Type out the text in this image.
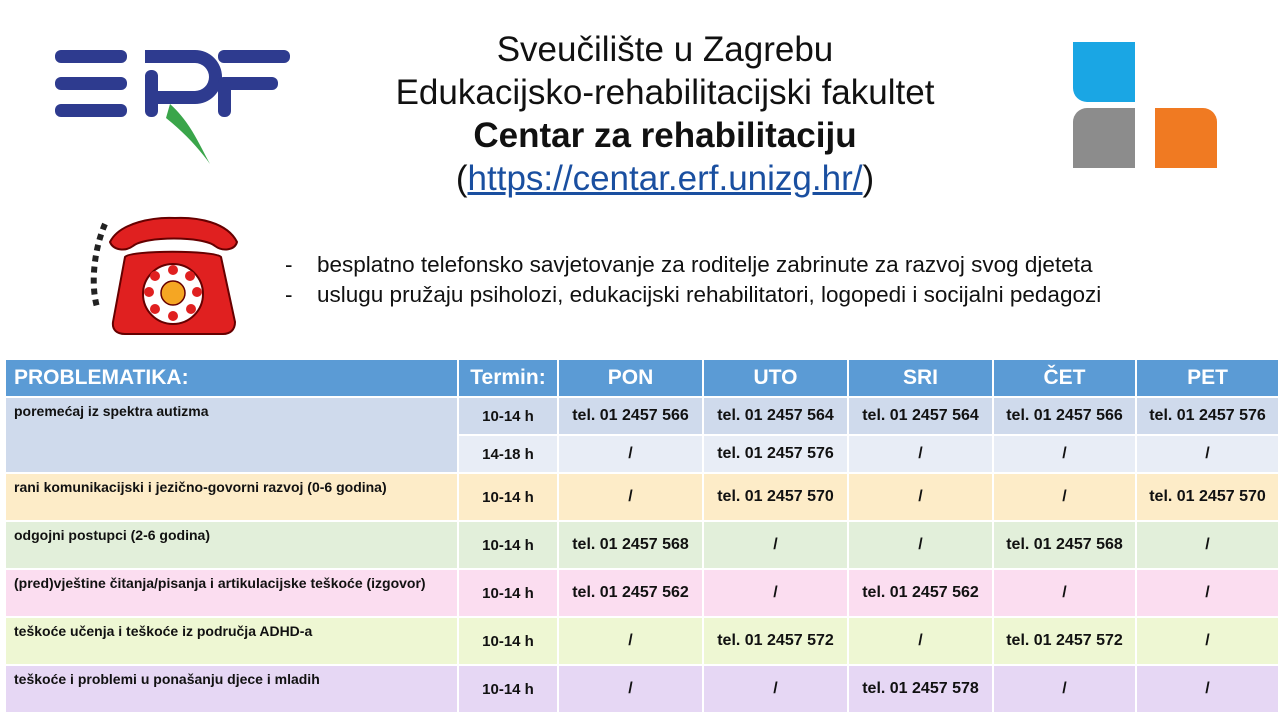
Sveučilište u Zagrebu
Edukacijsko-rehabilitacijski fakultet
Centar za rehabilitaciju
(https://centar.erf.unizg.hr/)
- besplatno telefonsko savjetovanje za roditelje zabrinute za razvoj svog djeteta
- uslugu pružaju psiholozi, edukacijski rehabilitatori, logopedi i socijalni pedagozi
PROBLEMATIKA:	Termin:	PON	UTO	SRI	ČET	PET
poremećaj iz spektra autizma	10-14 h	tel. 01 2457 566	tel. 01 2457 564	tel. 01 2457 564	tel. 01 2457 566	tel. 01 2457 576
	14-18 h	/	tel. 01 2457 576	/	/	/
rani komunikacijski i jezično-govorni razvoj (0-6 godina)	10-14 h	/	tel. 01 2457 570	/	/	tel. 01 2457 570
odgojni postupci (2-6 godina)	10-14 h	tel. 01 2457 568	/	/	tel. 01 2457 568	/
(pred)vještine čitanja/pisanja i artikulacijske teškoće (izgovor)	10-14 h	tel. 01 2457 562	/	tel. 01 2457 562	/	/
teškoće učenja i teškoće iz područja ADHD-a	10-14 h	/	tel. 01 2457 572	/	tel. 01 2457 572	/
teškoće i problemi u ponašanju djece i mladih	10-14 h	/	/	tel. 01 2457 578	/	/
